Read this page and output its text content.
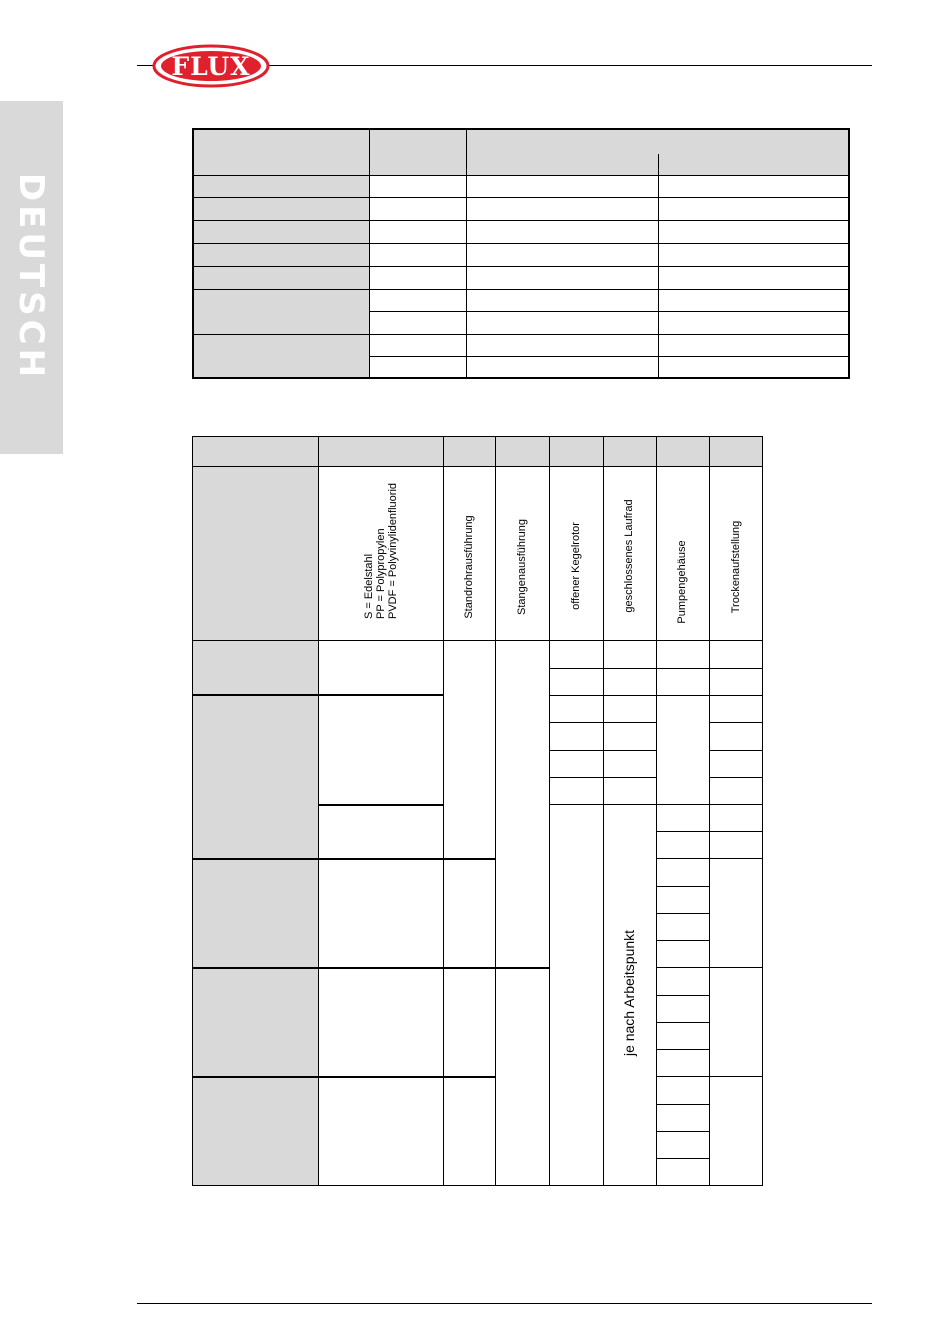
FLUX
DEUTSCH
S = Edelstahl PP = Polypropylen PVDF = Polyvinylidenfluorid	Standrohrausführung	Stangenausführung	offener Kegelrotor	geschlossenes Laufrad	Pumpengehäuse	Trockenaufstellung
je nach Arbeitspunkt
